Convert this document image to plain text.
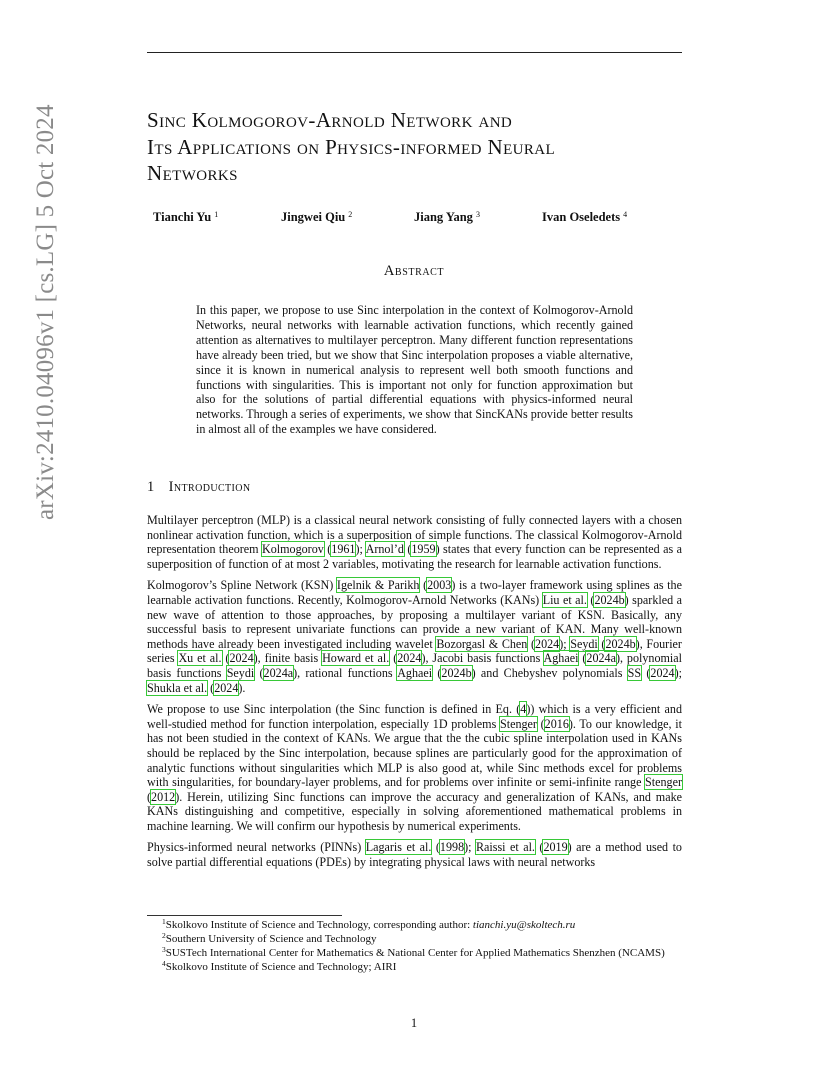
arXiv:2410.04096v1 [cs.LG] 5 Oct 2024	Sinc Kolmogorov-Arnold Network and
Its Applications on Physics-informed Neural
Networks
Tianchi Yu $^1$	Jingwei Qiu $^2$	Jiang Yang $^3$	Ivan Oseledets $^4$
Abstract
In this paper, we propose to use Sinc interpolation in the context of Kolmogorov-Arnold Networks, neural networks with learnable activation functions, which recently gained attention as alternatives to multilayer perceptron. Many different function representations have already been tried, but we show that Sinc interpolation proposes a viable alternative, since it is known in numerical analysis to represent well both smooth functions and functions with singularities. This is important not only for function approximation but also for the solutions of partial differential equations with physics-informed neural networks. Through a series of experiments, we show that SincKANs provide better results in almost all of the examples we have considered.
1 Introduction

Multilayer perceptron (MLP) is a classical neural network consisting of fully connected layers with a chosen nonlinear activation function, which is a superposition of simple functions. The classical Kolmogorov-Arnold representation theorem Kolmogorov (1961); Arnol’d (1959) states that every function can be represented as a superposition of function of at most 2 variables, motivating the research for learnable activation functions.

Kolmogorov’s Spline Network (KSN) Igelnik & Parikh (2003) is a two-layer framework using splines as the learnable activation functions. Recently, Kolmogorov-Arnold Networks (KANs) Liu et al. (2024b) sparkled a new wave of attention to those approaches, by proposing a multilayer variant of KSN. Basically, any successful basis to represent univariate functions can provide a new variant of KAN. Many well-known methods have already been investigated including wavelet Bozorgasl & Chen (2024); Seydi (2024b), Fourier series Xu et al. (2024), finite basis Howard et al. (2024), Jacobi basis functions Aghaei (2024a), polynomial basis functions Seydi (2024a), rational functions Aghaei (2024b) and Chebyshev polynomials SS (2024); Shukla et al. (2024).

We propose to use Sinc interpolation (the Sinc function is defined in Eq. (4)) which is a very efficient and well-studied method for function interpolation, especially 1D problems Stenger (2016). To our knowledge, it has not been studied in the context of KANs. We argue that the the cubic spline interpolation used in KANs should be replaced by the Sinc interpolation, because splines are particularly good for the approximation of analytic functions without singularities which MLP is also good at, while Sinc methods excel for problems with singularities, for boundary-layer problems, and for problems over infinite or semi-infinite range Stenger (2012). Herein, utilizing Sinc functions can improve the accuracy and generalization of KANs, and make KANs distinguishing and competitive, especially in solving aforementioned mathematical problems in machine learning. We will confirm our hypothesis by numerical experiments.

Physics-informed neural networks (PINNs) Lagaris et al. (1998); Raissi et al. (2019) are a method used to solve partial differential equations (PDEs) by integrating physical laws with neural networks

$^1$Skolkovo Institute of Science and Technology, corresponding author: tianchi.yu@skoltech.ru
$^2$Southern University of Science and Technology
$^3$SUSTech International Center for Mathematics & National Center for Applied Mathematics Shenzhen (NCAMS)
$^4$Skolkovo Institute of Science and Technology; AIRI
1
